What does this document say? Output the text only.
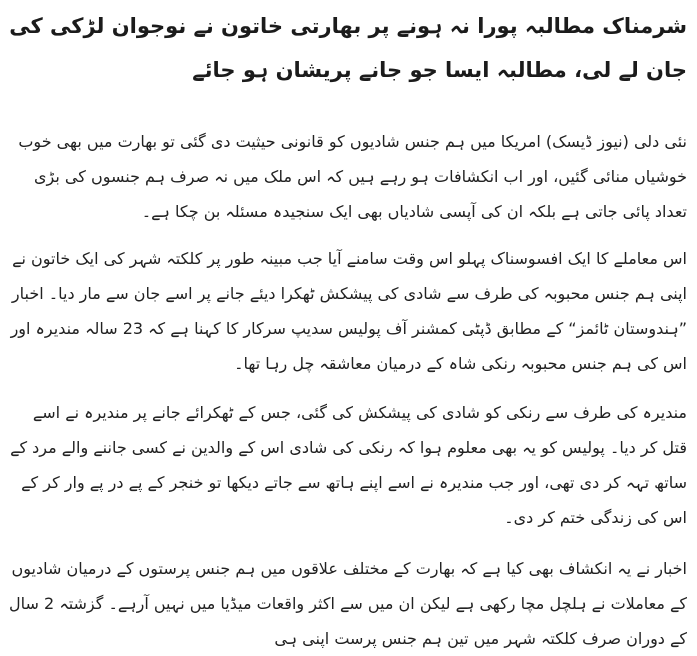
شرمناک مطالبہ پورا نہ ہونے پر بھارتی خاتون نے نوجوان لڑکی کی جان لے لی، مطالبہ ایسا جو جانے پریشان ہو جائے

نئی دلی (نیوز ڈیسک) امریکا میں ہم جنس شادیوں کو قانونی حیثیت دی گئی تو بھارت میں بھی خوب خوشیاں منائی گئیں، اور اب انکشافات ہو رہے ہیں کہ اس ملک میں نہ صرف ہم جنسوں کی بڑی تعداد پائی جاتی ہے بلکہ ان کی آپسی شادیاں بھی ایک سنجیدہ مسئلہ بن چکا ہے۔

اس معاملے کا ایک افسوسناک پہلو اس وقت سامنے آیا جب مبینہ طور پر کلکتہ شہر کی ایک خاتون نے اپنی ہم جنس محبوبہ کی طرف سے شادی کی پیشکش ٹھکرا دیئے جانے پر اسے جان سے مار دیا۔ اخبار ”ہندوستان ٹائمز“ کے مطابق ڈپٹی کمشنر آف پولیس سدیپ سرکار کا کہنا ہے کہ 23 سالہ مندیرہ اور اس کی ہم جنس محبوبہ رنکی شاہ کے درمیان معاشقہ چل رہا تھا۔

مندیرہ کی طرف سے رنکی کو شادی کی پیشکش کی گئی، جس کے ٹھکرائے جانے پر مندیرہ نے اسے قتل کر دیا۔ پولیس کو یہ بھی معلوم ہوا کہ رنکی کی شادی اس کے والدین نے کسی جاننے والے مرد کے ساتھ تہہ کر دی تھی، اور جب مندیرہ نے اسے اپنے ہاتھ سے جاتے دیکھا تو خنجر کے پے در پے وار کر کے اس کی زندگی ختم کر دی۔

اخبار نے یہ انکشاف بھی کیا ہے کہ بھارت کے مختلف علاقوں میں ہم جنس پرستوں کے درمیان شادیوں کے معاملات نے ہلچل مچا رکھی ہے لیکن ان میں سے اکثر واقعات میڈیا میں نہیں آرہے۔ گزشتہ 2 سال کے دوران صرف کلکتہ شہر میں تین ہم جنس پرست اپنی ہی
